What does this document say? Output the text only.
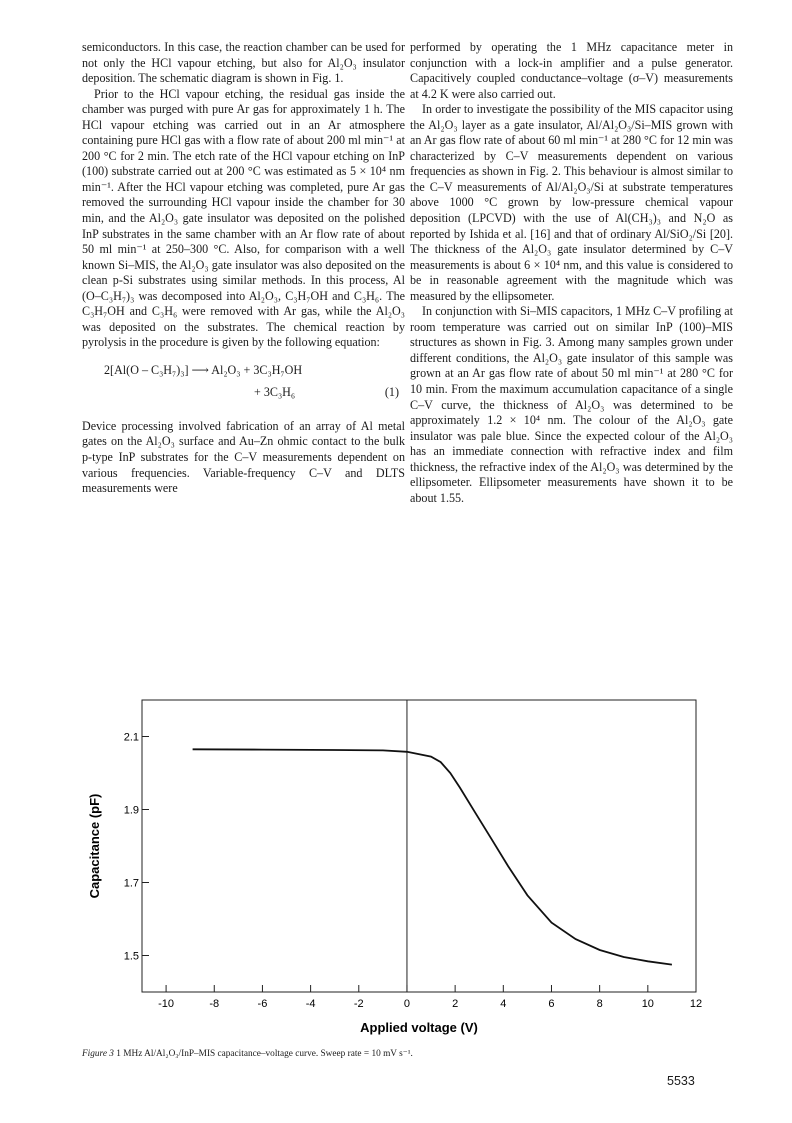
semiconductors. In this case, the reaction chamber can be used for not only the HCl vapour etching, but also for Al₂O₃ insulator deposition. The schematic diagram is shown in Fig. 1.

Prior to the HCl vapour etching, the residual gas inside the chamber was purged with pure Ar gas for approximately 1 h. The HCl vapour etching was carried out in an Ar atmosphere containing pure HCl gas with a flow rate of about 200 ml min⁻¹ at 200 °C for 2 min. The etch rate of the HCl vapour etching on InP (100) substrate carried out at 200 °C was estimated as 5 × 10⁴ nm min⁻¹. After the HCl vapour etching was completed, pure Ar gas removed the surrounding HCl vapour inside the chamber for 30 min, and the Al₂O₃ gate insulator was deposited on the polished InP substrates in the same chamber with an Ar flow rate of about 50 ml min⁻¹ at 250–300 °C. Also, for comparison with a well known Si–MIS, the Al₂O₃ gate insulator was also deposited on the clean p-Si substrates using similar methods. In this process, Al (O–C₃H₇)₃ was decomposed into Al₂O₃, C₃H₇OH and C₃H₆. The C₃H₇OH and C₃H₆ were removed with Ar gas, while the Al₂O₃ was deposited on the substrates. The chemical reaction by pyrolysis in the procedure is given by the following equation:

2[Al(O – C₃H₇)₃] ⟶ Al₂O₃ + 3C₃H₇OH
+ 3C₃H₆	(1)

Device processing involved fabrication of an array of Al metal gates on the Al₂O₃ surface and Au–Zn ohmic contact to the bulk p-type InP substrates for the C–V measurements dependent on various frequencies. Variable-frequency C–V and DLTS measurements were

performed by operating the 1 MHz capacitance meter in conjunction with a lock-in amplifier and a pulse generator. Capacitively coupled conductance–voltage (σ–V) measurements at 4.2 K were also carried out.

In order to investigate the possibility of the MIS capacitor using the Al₂O₃ layer as a gate insulator, Al/Al₂O₃/Si–MIS grown with an Ar gas flow rate of about 60 ml min⁻¹ at 280 °C for 12 min was characterized by C–V measurements dependent on various frequencies as shown in Fig. 2. This behaviour is almost similar to the C–V measurements of Al/Al₂O₃/Si at substrate temperatures above 1000 °C grown by low-pressure chemical vapour deposition (LPCVD) with the use of Al(CH₃)₃ and N₂O as reported by Ishida et al. [16] and that of ordinary Al/SiO₂/Si [20]. The thickness of the Al₂O₃ gate insulator determined by C–V measurements is about 6 × 10⁴ nm, and this value is considered to be in reasonable agreement with the magnitude which was measured by the ellipsometer.

In conjunction with Si–MIS capacitors, 1 MHz C–V profiling at room temperature was carried out on similar InP (100)–MIS structures as shown in Fig. 3. Among many samples grown under different conditions, the Al₂O₃ gate insulator of this sample was grown at an Ar gas flow rate of about 50 ml min⁻¹ at 280 °C for 10 min. From the maximum accumulation capacitance of a single C–V curve, the thickness of Al₂O₃ was determined to be approximately 1.2 × 10⁴ nm. The colour of the Al₂O₃ gate insulator was pale blue. Since the expected colour of the Al₂O₃ has an immediate connection with refractive index and film thickness, the refractive index of the Al₂O₃ was determined by the ellipsometer. Ellipsometer measurements have shown it to be about 1.55.

-10	-8	-6	-4	-2	0	2	4	6	8	10	12
1.5
1.7
1.9
2.1
Applied voltage (V)
Capacitance (pF)
Figure 3 1 MHz Al/Al₂O₃/InP–MIS capacitance–voltage curve. Sweep rate = 10 mV s⁻¹.
5533
